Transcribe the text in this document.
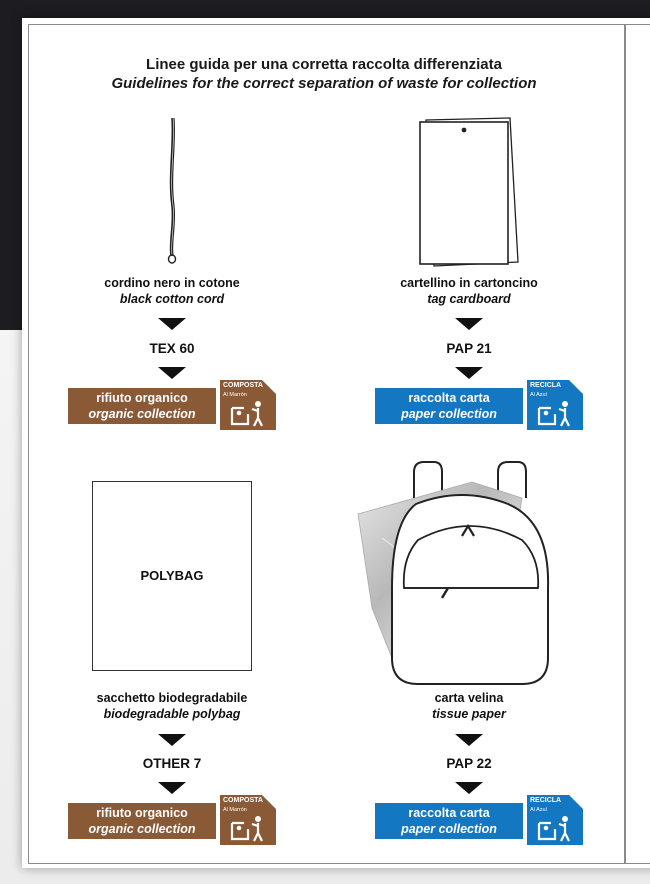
Linee guida per una corretta raccolta differenziata
Guidelines for the correct separation of waste for collection
cordino nero in cotone
black cotton cord
TEX 60
rifiuto organico
organic collection
COMPOSTA
Al Marrón
cartellino in cartoncino
tag cardboard
PAP 21
raccolta carta
paper collection
RECICLA
Al Azul
POLYBAG
sacchetto biodegradabile
biodegradable polybag
OTHER 7
rifiuto organico
organic collection
COMPOSTA
Al Marrón
carta velina
tissue paper
PAP 22
raccolta carta
paper collection
RECICLA
Al Azul
